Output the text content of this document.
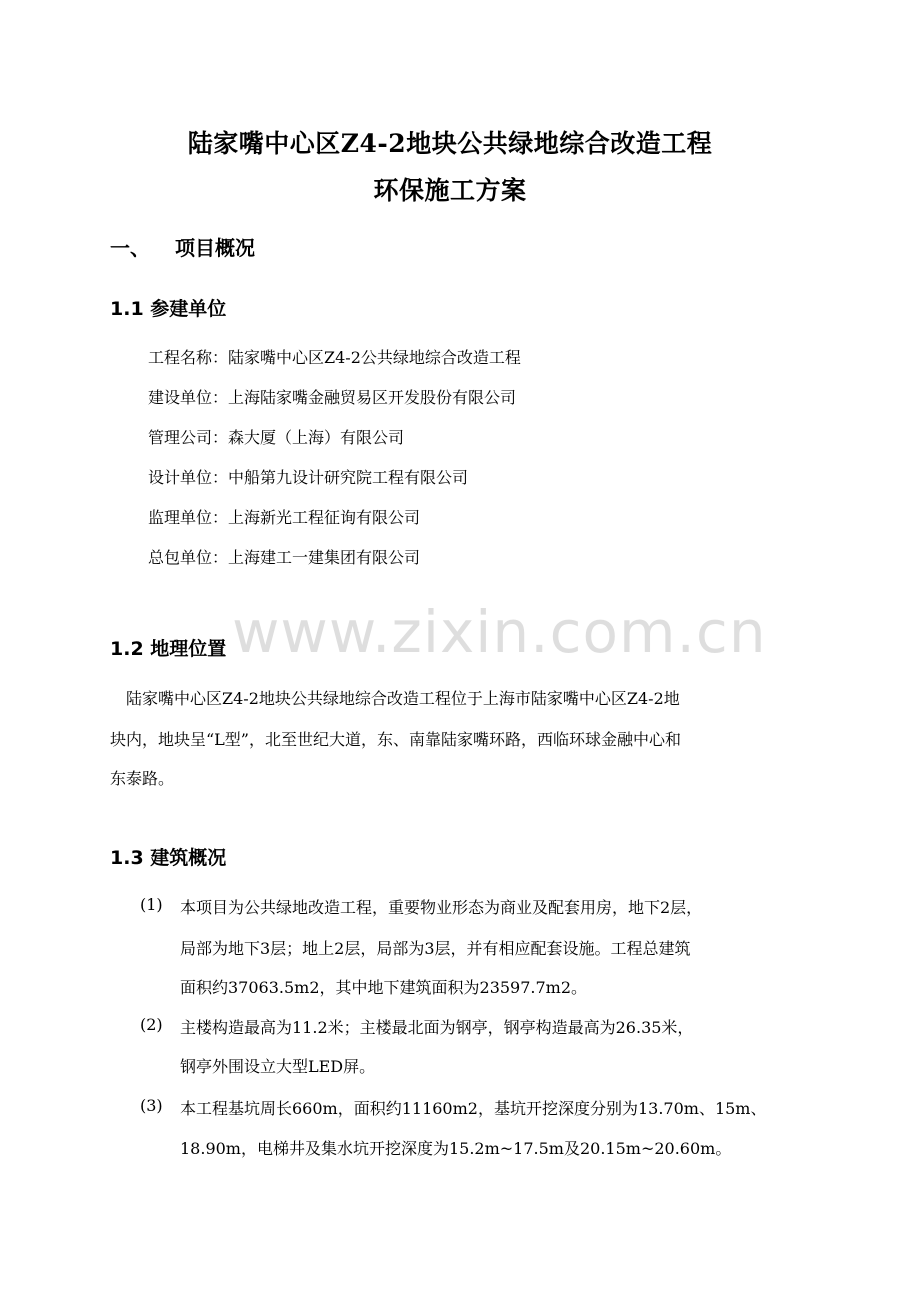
www.zixin.com.cn
陆家嘴中心区Z4-2地块公共绿地综合改造工程
环保施工方案
一、 项目概况
1.1 参建单位
工程名称：陆家嘴中心区Z4-2公共绿地综合改造工程
建设单位：上海陆家嘴金融贸易区开发股份有限公司
管理公司：森大厦（上海）有限公司
设计单位：中船第九设计研究院工程有限公司
监理单位：上海新光工程征询有限公司
总包单位：上海建工一建集团有限公司
1.2 地理位置
陆家嘴中心区Z4-2地块公共绿地综合改造工程位于上海市陆家嘴中心区Z4-2地
块内，地块呈“L型”，北至世纪大道，东、南靠陆家嘴环路，西临环球金融中心和
东泰路。
1.3 建筑概况
(1) 本项目为公共绿地改造工程，重要物业形态为商业及配套用房，地下2层，
局部为地下3层；地上2层，局部为3层，并有相应配套设施。工程总建筑
面积约37063.5m2，其中地下建筑面积为23597.7m2。
(2) 主楼构造最高为11.2米；主楼最北面为钢亭，钢亭构造最高为26.35米，
钢亭外围设立大型LED屏。
(3) 本工程基坑周长660m，面积约11160m2，基坑开挖深度分别为13.70m、15m、
18.90m，电梯井及集水坑开挖深度为15.2m~17.5m及20.15m~20.60m。
